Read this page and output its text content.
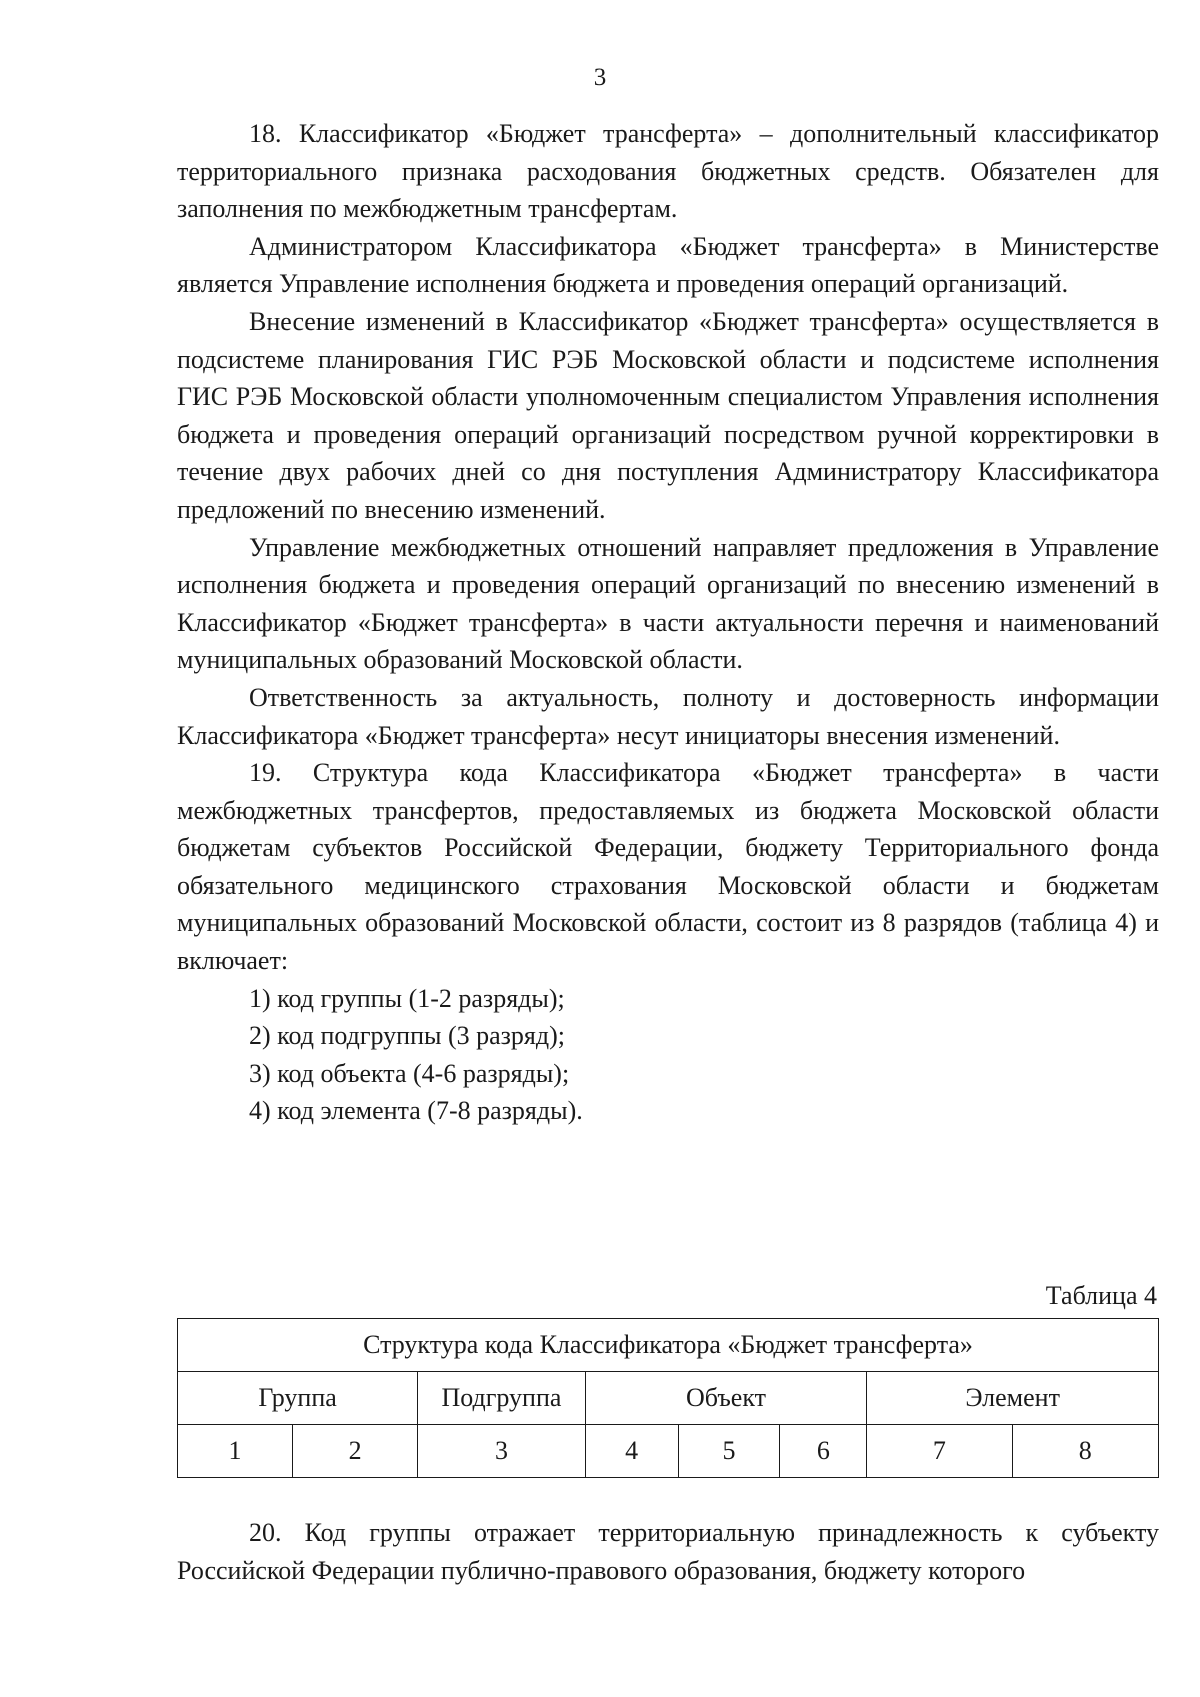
3

18. Классификатор «Бюджет трансферта» – дополнительный классификатор территориального признака расходования бюджетных средств. Обязателен для заполнения по межбюджетным трансфертам.

Администратором Классификатора «Бюджет трансферта» в Министерстве является Управление исполнения бюджета и проведения операций организаций.

Внесение изменений в Классификатор «Бюджет трансферта» осуществляется в подсистеме планирования ГИС РЭБ Московской области и подсистеме исполнения ГИС РЭБ Московской области уполномоченным специалистом Управления исполнения бюджета и проведения операций организаций посредством ручной корректировки в течение двух рабочих дней со дня поступления Администратору Классификатора предложений по внесению изменений.

Управление межбюджетных отношений направляет предложения в Управление исполнения бюджета и проведения операций организаций по внесению изменений в Классификатор «Бюджет трансферта» в части актуальности перечня и наименований муниципальных образований Московской области.

Ответственность за актуальность, полноту и достоверность информации Классификатора «Бюджет трансферта» несут инициаторы внесения изменений.

19. Структура кода Классификатора «Бюджет трансферта» в части межбюджетных трансфертов, предоставляемых из бюджета Московской области бюджетам субъектов Российской Федерации, бюджету Территориального фонда обязательного медицинского страхования Московской области и бюджетам муниципальных образований Московской области, состоит из 8 разрядов (таблица 4) и включает:

1) код группы (1-2 разряды);

2) код подгруппы (3 разряд);

3) код объекта (4-6 разряды);

4) код элемента (7-8 разряды).

Таблица 4
Структура кода Классификатора «Бюджет трансферта»							
Группа		Подгруппа	Объект			Элемент	
1	2	3	4	5	6	7	8

20. Код группы отражает территориальную принадлежность к субъекту Российской Федерации публично-правового образования, бюджету которого
